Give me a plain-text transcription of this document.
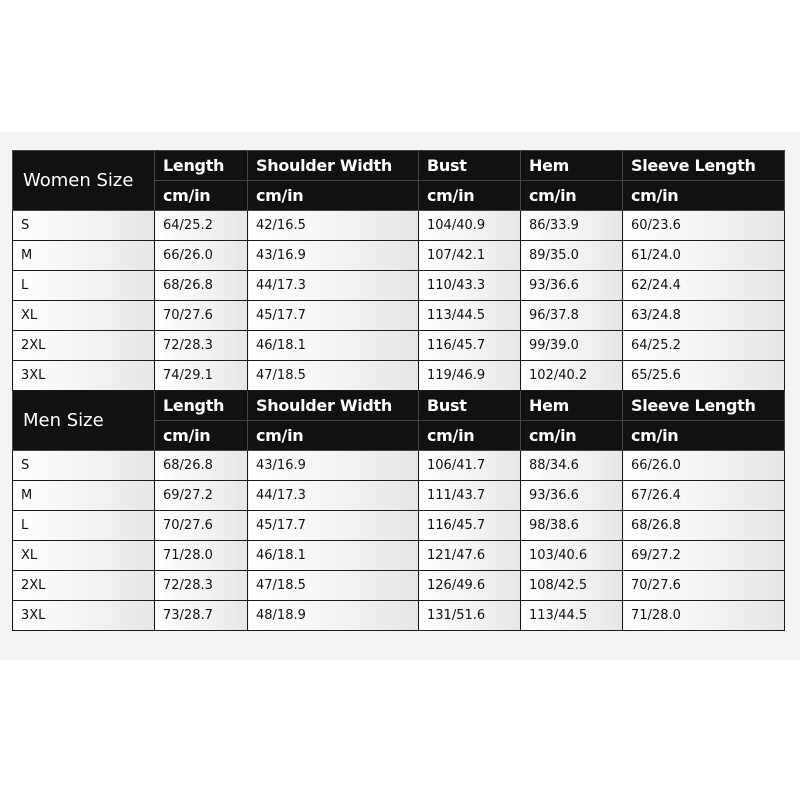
Women Size	Length	Shoulder Width	Bust	Hem	Sleeve Length
	cm/in	cm/in	cm/in	cm/in	cm/in
S	64/25.2	42/16.5	104/40.9	86/33.9	60/23.6
M	66/26.0	43/16.9	107/42.1	89/35.0	61/24.0
L	68/26.8	44/17.3	110/43.3	93/36.6	62/24.4
XL	70/27.6	45/17.7	113/44.5	96/37.8	63/24.8
2XL	72/28.3	46/18.1	116/45.7	99/39.0	64/25.2
3XL	74/29.1	47/18.5	119/46.9	102/40.2	65/25.6
Men Size	Length	Shoulder Width	Bust	Hem	Sleeve Length
	cm/in	cm/in	cm/in	cm/in	cm/in
S	68/26.8	43/16.9	106/41.7	88/34.6	66/26.0
M	69/27.2	44/17.3	111/43.7	93/36.6	67/26.4
L	70/27.6	45/17.7	116/45.7	98/38.6	68/26.8
XL	71/28.0	46/18.1	121/47.6	103/40.6	69/27.2
2XL	72/28.3	47/18.5	126/49.6	108/42.5	70/27.6
3XL	73/28.7	48/18.9	131/51.6	113/44.5	71/28.0
